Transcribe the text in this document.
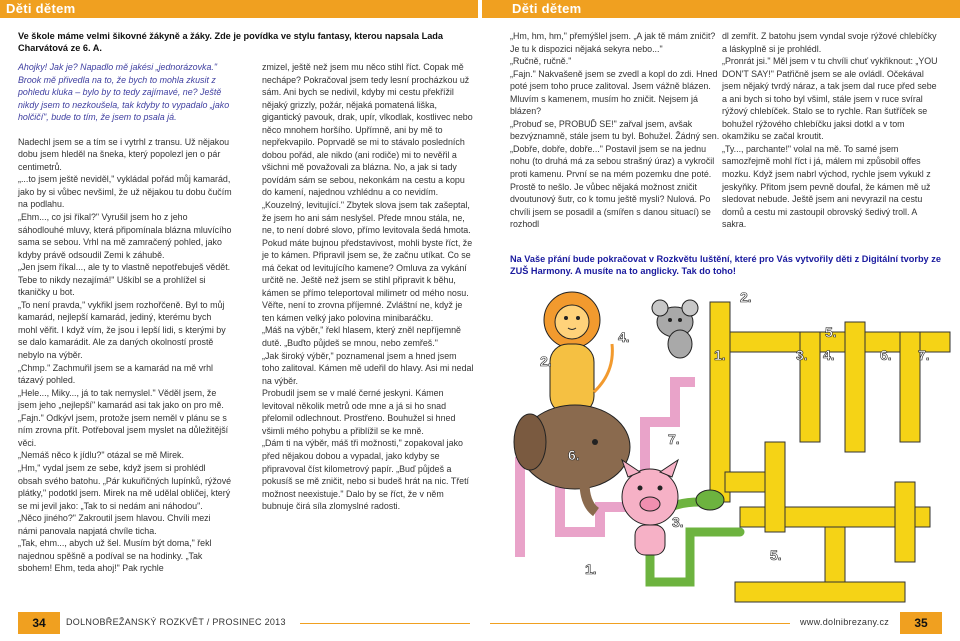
Děti dětem	Děti dětem
Ve škole máme velmi šikovné žákyně a žáky. Zde je povídka ve stylu fantasy, kterou napsala Lada Charvátová ze 6. A.

Ahojky! Jak je? Napadlo mě jakési „jednorázovka." Brook mě přivedla na to, že bych to mohla zkusit z pohledu kluka – bylo by to tedy zajímavé, ne? Ještě nikdy jsem to nezkoušela, tak kdyby to vypadalo „jako holčičí", bude to tím, že jsem to psala já.

Nadechl jsem se a tím se i vytrhl z transu. Už nějakou dobu jsem hleděl na šneka, který popolezl jen o pár centimetrů.

„...to jsem ještě neviděl," vykládal pořád můj kamarád, jako by si vůbec nevšiml, že už nějakou tu dobu čučím na podlahu.

„Ehm..., co jsi říkal?" Vyrušil jsem ho z jeho sáhodlouhé mluvy, která připomínala blázna mluvícího sama se sebou. Vrhl na mě zamračený pohled, jako kdyby právě odsoudil Zemi k záhubě.

„Jen jsem říkal..., ale ty to vlastně nepotřebuješ vědět. Tebe to nikdy nezajímá!" Uškíbl se a prohlížel si tkaničky u bot.

„To není pravda," vykřikl jsem rozhořčeně. Byl to můj kamarád, nejlepší kamarád, jediný, kterému bych mohl věřit. I když vím, že jsou i lepší lidi, s kterými by se dalo kamarádit. Ale za daných okolností prostě nebylo na výběr.

„Chmp." Zachmuřil jsem se a kamarád na mě vrhl tázavý pohled.

„Hele..., Miky..., já to tak nemyslel." Věděl jsem, že jsem jeho „nejlepší" kamarád asi tak jako on pro mě.

„Fajn." Odkývl jsem, protože jsem neměl v plánu se s ním zrovna přít. Potřeboval jsem myslet na důležitější věci.

„Nemáš něco k jídlu?" otázal se mě Mirek.

„Hm," vydal jsem ze sebe, když jsem si prohlédl obsah svého batohu. „Pár kukuřičných lupínků, rýžové plátky," podotkl jsem. Mirek na mě udělal obličej, který se mi jevil jako: „Tak to si nedám ani náhodou".

„Něco jiného?" Zakroutil jsem hlavou. Chvíli mezi námi panovala napjatá chvíle ticha.

„Tak, ehm..., abych už šel. Musím být doma," řekl najednou spěšně a podíval se na hodinky. „Tak sbohem! Ehm, teda ahoj!" Pak rychle

zmizel, ještě než jsem mu něco stihl říct. Copak mě nechápe? Pokračoval jsem tedy lesní procházkou už sám. Ani bych se nedivil, kdyby mi cestu překřížil nějaký grizzly, požár, nějaká pomatená liška, gigantický pavouk, drak, upír, vlkodlak, kostlivec nebo něco mnohem horšího. Upřímně, ani by mě to nepřekvapilo. Poprvadě se mi to stávalo posledních dobou pořád, ale nikdo (ani rodiče) mi to nevěřil a všichni mě považovali za blázna. No, a jak si tady povídám sám se sebou, nekonkám na cestu a kopu do kamení, najednou vzhlédnu a co nevidím.

„Kouzelný, levitující." Zbytek slova jsem tak zašeptal, že jsem ho ani sám neslyšel. Přede mnou stála, ne, ne, to není dobré slovo, přímo levitovala šedá hmota. Pokud máte bujnou představivost, mohli byste říct, že je to kámen. Připravil jsem se, že začnu utíkat. Co se má čekat od levitujícího kamene? Omluva za vykání určitě ne. Ještě než jsem se stihl připravit k běhu, kámen se přímo teleportoval milimetr od mého nosu. Věřte, není to zrovna příjemné. Zvláštní ne, když je ten kámen velký jako polovina minibaráčku.

„Máš na výběr," řekl hlasem, který zněl nepříjemně dutě. „Buďto půjdeš se mnou, nebo zemřeš."

„Jak široký výběr," poznamenal jsem a hned jsem toho zalitoval. Kámen mě udeřil do hlavy. Asi mi nedal na výběr.

Probudil jsem se v malé černé jeskyni. Kámen levitoval několik metrů ode mne a já si ho snad přelomil odlechnout. Prostřeno. Bouhužel si hned všimli mého pohybu a přiblížil se ke mně.

„Dám ti na výběr, máš tři možnosti," zopakoval jako před nějakou dobou a vypadal, jako kdyby se připravoval číst kilometrový papír. „Buď půjdeš a pokusíš se mě zničit, nebo si budeš hrát na nic. Třetí možnost neexistuje." Dalo by se říct, že v něm bubnuje čirá síla zlomyslné radosti.

„Hm, hm, hm," přemýšlel jsem. „A jak tě mám zničit? Je tu k dispozici nějaká sekyra nebo..."

„Ručně, ručně."

„Fajn." Nakvašeně jsem se zvedl a kopl do zdi. Hned poté jsem toho pruce zalitoval. Jsem vážně blázen. Mluvím s kamenem, musím ho zničit. Nejsem já blázen?

„Probuď se, PROBUĎ SE!" zařval jsem, avšak bezvýznamně, stále jsem tu byl. Bohužel. Žádný sen.

„Dobře, dobře, dobře..." Postavil jsem se na jednu nohu (to druhá má za sebou strašný úraz) a vykročil proti kamenu. První se na mém pozemku dne poté. Prostě to nešlo. Je vůbec nějaká možnost zničit dvoutunový šutr, co k tomu ještě mysli? Nulová. Po chvíli jsem se posadil a (smířen s danou situací) se rozhodl

dl zemřít. Z batohu jsem vyndal svoje rýžové chlebíčky a láskyplně si je prohlédl.

„Pronrát jsi." Měl jsem v tu chvíli chuť vykřiknout: „YOU DON'T SAY!" Patřičně jsem se ale ovládl. Očekával jsem nějaký tvrdý náraz, a tak jsem dal ruce před sebe a ani bych si toho byl všiml, stále jsem v ruce svíral rýžový chlebíček. Stalo se to rychle. Ran šutříček se bohužel rýžového chlebíčku jaksi dotkl a v tom okamžiku se začal kroutit.

„Ty..., parchante!" volal na mě. To samé jsem samozřejmě mohl říct i já, málem mi způsobil offes mozku. Když jsem nabrl východ, rychle jsem vykukl z jeskyňky. Přitom jsem pevně doufal, že kámen mě už sledovat nebude. Ještě jsem ani nevyrazil na cestu domů a cestu mi zastoupil obrovský šedivý troll. A sakra.

Na Vaše přání bude pokračovat v Rozkvětu luštění, které pro Vás vytvořily děti z Digitální tvorby ze ZUŠ Harmony. A musíte na to anglicky. Tak do toho!
2.
4.
2.
5.
1.	3. 4.	6. 7.
6.
7.
3.
5.
1.
34	DOLNOBŘEŽANSKÝ ROZKVĚT / PROSINEC 2013	www.dolnibrezany.cz	35
